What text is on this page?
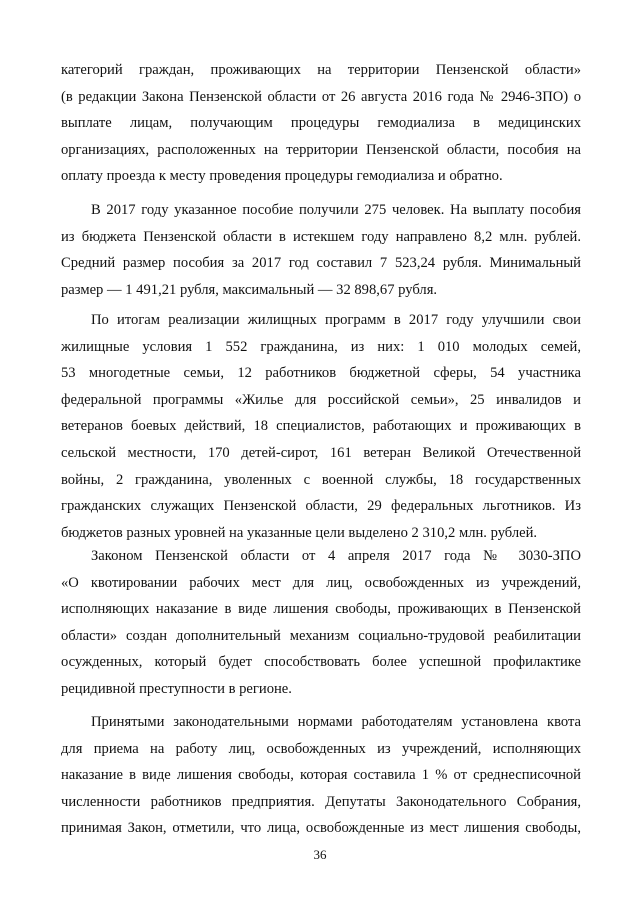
категорий граждан, проживающих на территории Пензенской области»
(в редакции Закона Пензенской области от 26 августа 2016 года № 2946-ЗПО) о
выплате лицам, получающим процедуры гемодиализа в медицинских
организациях, расположенных на территории Пензенской области, пособия на
оплату проезда к месту проведения процедуры гемодиализа и обратно.
В 2017 году указанное пособие получили 275 человек. На выплату пособия
из бюджета Пензенской области в истекшем году направлено 8,2 млн. рублей.
Средний размер пособия за 2017 год составил 7 523,24 рубля. Минимальный
размер — 1 491,21 рубля, максимальный — 32 898,67 рубля.
По итогам реализации жилищных программ в 2017 году улучшили свои
жилищные условия 1 552 гражданина, из них: 1 010 молодых семей,
53 многодетные семьи, 12 работников бюджетной сферы, 54 участника
федеральной программы «Жилье для российской семьи», 25 инвалидов и
ветеранов боевых действий, 18 специалистов, работающих и проживающих в
сельской местности, 170 детей-сирот, 161 ветеран Великой Отечественной
войны, 2 гражданина, уволенных с военной службы, 18 государственных
гражданских служащих Пензенской области, 29 федеральных льготников. Из
бюджетов разных уровней на указанные цели выделено 2 310,2 млн. рублей.
Законом Пензенской области от 4 апреля 2017 года № 3030-ЗПО
«О квотировании рабочих мест для лиц, освобожденных из учреждений,
исполняющих наказание в виде лишения свободы, проживающих в Пензенской
области» создан дополнительный механизм социально-трудовой реабилитации
осужденных, который будет способствовать более успешной профилактике
рецидивной преступности в регионе.
Принятыми законодательными нормами работодателям установлена квота
для приема на работу лиц, освобожденных из учреждений, исполняющих
наказание в виде лишения свободы, которая составила 1 % от среднесписочной
численности работников предприятия. Депутаты Законодательного Собрания,
принимая Закон, отметили, что лица, освобожденные из мест лишения свободы,
36
